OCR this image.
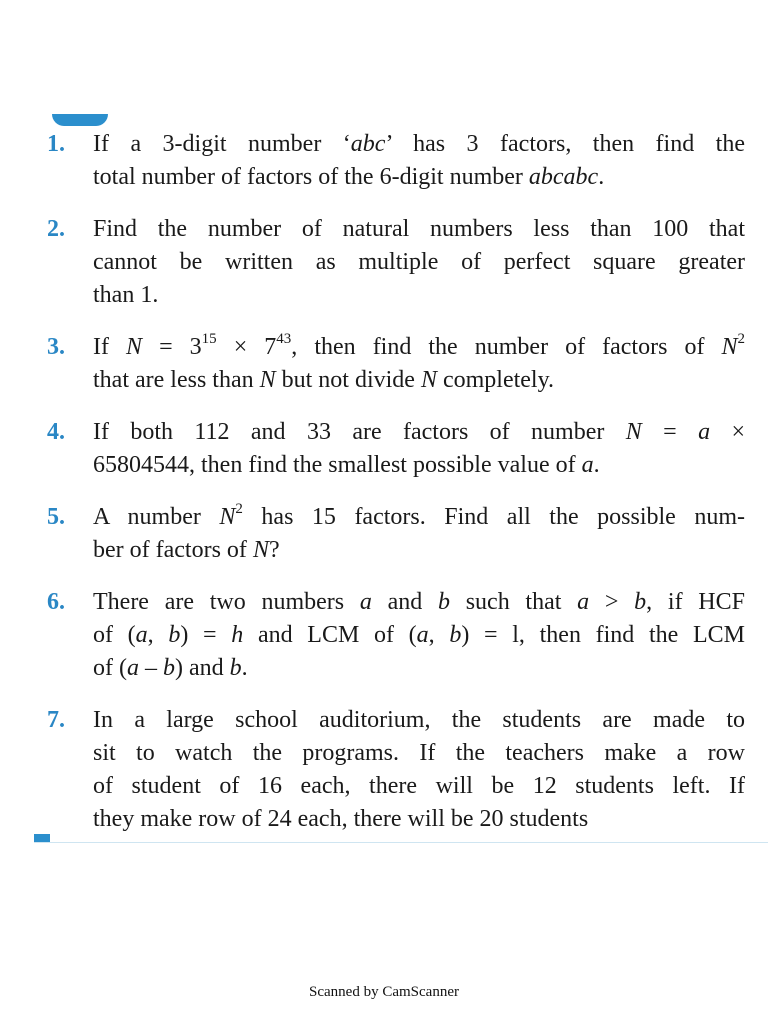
1.	If a 3-digit number ‘abc’ has 3 factors, then find the
total number of factors of the 6-digit number abcabc.
2.	Find the number of natural numbers less than 100 that
cannot be written as multiple of perfect square greater
than 1.
3.	If $N = 3^{15} \times 7^{43}$, then find the number of factors of $N^2$
that are less than N but not divide N completely.
4.	If both 112 and 33 are factors of number N = a ×
65804544, then find the smallest possible value of a.
5.	A number $N^2$ has 15 factors. Find all the possible num-
ber of factors of N?
6.	There are two numbers a and b such that a > b, if HCF
of (a, b) = h and LCM of (a, b) = l, then find the LCM
of (a – b) and b.
7.	In a large school auditorium, the students are made to
sit to watch the programs. If the teachers make a row
of student of 16 each, there will be 12 students left. If
they make row of 24 each, there will be 20 students
Scanned by CamScanner
